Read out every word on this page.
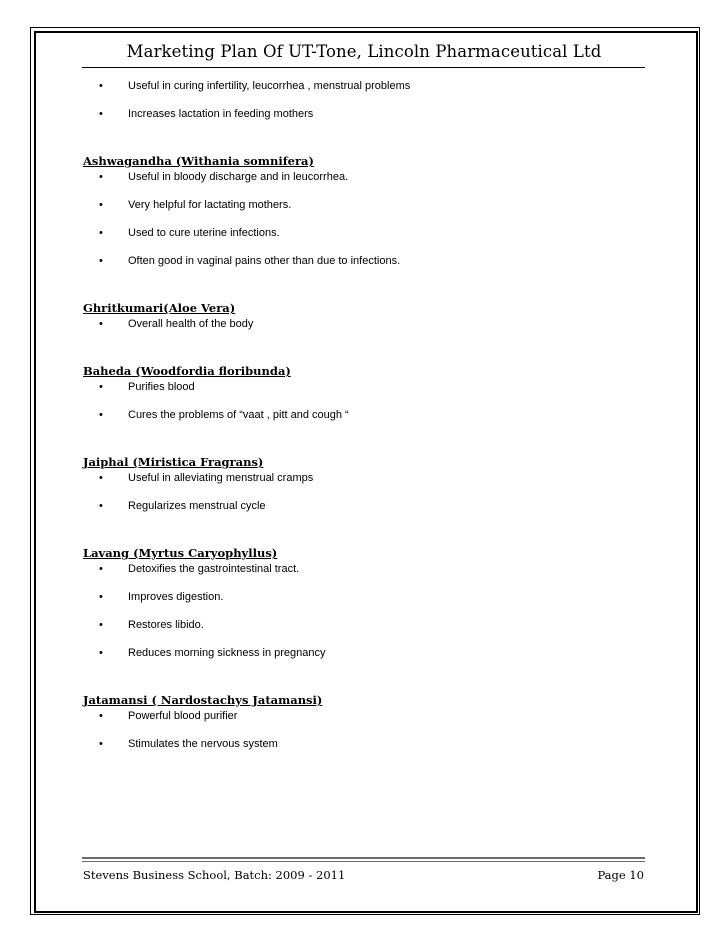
Marketing Plan Of UT-Tone, Lincoln Pharmaceutical Ltd
• Useful in curing infertility, leucorrhea , menstrual problems
• Increases lactation in feeding mothers
Ashwagandha (Withania somnifera)
• Useful in bloody discharge and in leucorrhea.
• Very helpful for lactating mothers.
• Used to cure uterine infections.
• Often good in vaginal pains other than due to infections.
Ghritkumari(Aloe Vera)
• Overall health of the body
Baheda (Woodfordia floribunda)
• Purifies blood
• Cures the problems of “vaat , pitt and cough “
Jaiphal (Miristica Fragrans)
• Useful in alleviating menstrual cramps
• Regularizes menstrual cycle
Lavang (Myrtus Caryophyllus)
• Detoxifies the gastrointestinal tract.
• Improves digestion.
• Restores libido.
• Reduces morning sickness in pregnancy
Jatamansi ( Nardostachys Jatamansi)
• Powerful blood purifier
• Stimulates the nervous system
Stevens Business School, Batch: 2009 - 2011	Page 10
